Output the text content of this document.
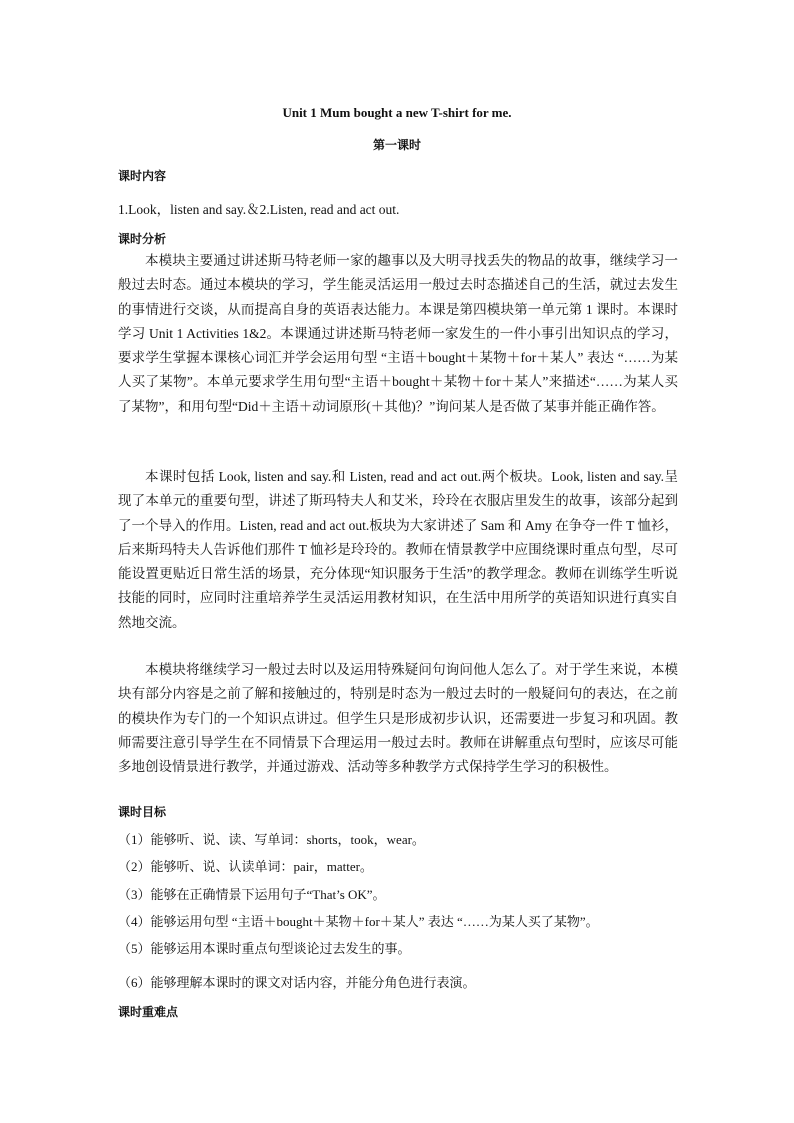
Unit 1 Mum bought a new T-shirt for me.
第一课时
课时内容
1.Look，listen and say.＆2.Listen, read and act out.
课时分析

本模块主要通过讲述斯马特老师一家的趣事以及大明寻找丢失的物品的故事，继续学习一般过去时态。通过本模块的学习，学生能灵活运用一般过去时态描述自己的生活，就过去发生的事情进行交谈，从而提高自身的英语表达能力。本课是第四模块第一单元第 1 课时。本课时学习 Unit 1 Activities 1&2。本课通过讲述斯马特老师一家发生的一件小事引出知识点的学习，要求学生掌握本课核心词汇并学会运用句型 “主语＋bought＋某物＋for＋某人” 表达 “……为某人买了某物”。本单元要求学生用句型“主语＋bought＋某物＋for＋某人”来描述“……为某人买了某物”，和用句型“Did＋主语＋动词原形(＋其他)？”询问某人是否做了某事并能正确作答。

本课时包括 Look, listen and say.和 Listen, read and act out.两个板块。Look, listen and say.呈现了本单元的重要句型，讲述了斯玛特夫人和艾米，玲玲在衣服店里发生的故事，该部分起到了一个导入的作用。Listen, read and act out.板块为大家讲述了 Sam 和 Amy 在争夺一件 T 恤衫，后来斯玛特夫人告诉他们那件 T 恤衫是玲玲的。教师在情景教学中应围绕课时重点句型，尽可能设置更贴近日常生活的场景，充分体现“知识服务于生活”的教学理念。教师在训练学生听说技能的同时，应同时注重培养学生灵活运用教材知识，在生活中用所学的英语知识进行真实自然地交流。

本模块将继续学习一般过去时以及运用特殊疑问句询问他人怎么了。对于学生来说，本模块有部分内容是之前了解和接触过的，特别是时态为一般过去时的一般疑问句的表达，在之前的模块作为专门的一个知识点讲过。但学生只是形成初步认识，还需要进一步复习和巩固。教师需要注意引导学生在不同情景下合理运用一般过去时。教师在讲解重点句型时，应该尽可能多地创设情景进行教学，并通过游戏、活动等多种教学方式保持学生学习的积极性。

课时目标
（1）能够听、说、读、写单词：shorts，took，wear。
（2）能够听、说、认读单词：pair，matter。
（3）能够在正确情景下运用句子“That’s OK”。
（4）能够运用句型 “主语＋bought＋某物＋for＋某人” 表达 “……为某人买了某物”。
（5）能够运用本课时重点句型谈论过去发生的事。
（6）能够理解本课时的课文对话内容，并能分角色进行表演。
课时重难点
